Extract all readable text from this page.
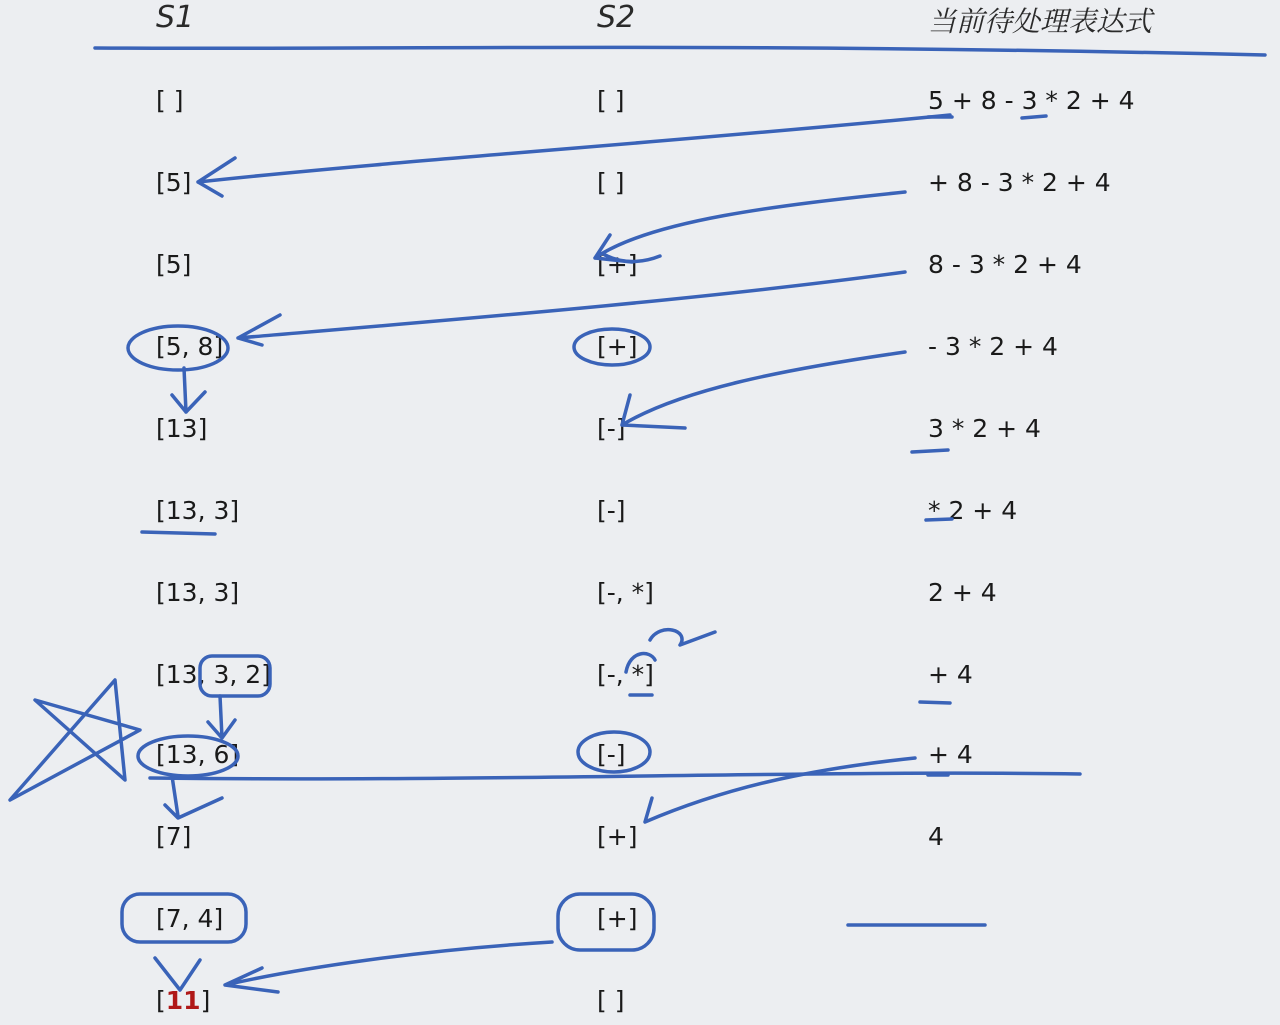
S1	S2	当前待处理表达式
[ ]	[ ]	5 + 8 - 3 * 2 + 4
[5]	[ ]	+ 8 - 3 * 2 + 4
[5]	[+]	8 - 3 * 2 + 4
[5, 8]	[+]	- 3 * 2 + 4
[13]	[-]	3 * 2 + 4
[13, 3]	[-]	* 2 + 4
[13, 3]	[-, *]	2 + 4
[13, 3, 2]	[-, *]	+ 4
[13, 6]	[-]	+ 4
[7]	[+]	4
[7, 4]	[+]
[11]	[ ]
